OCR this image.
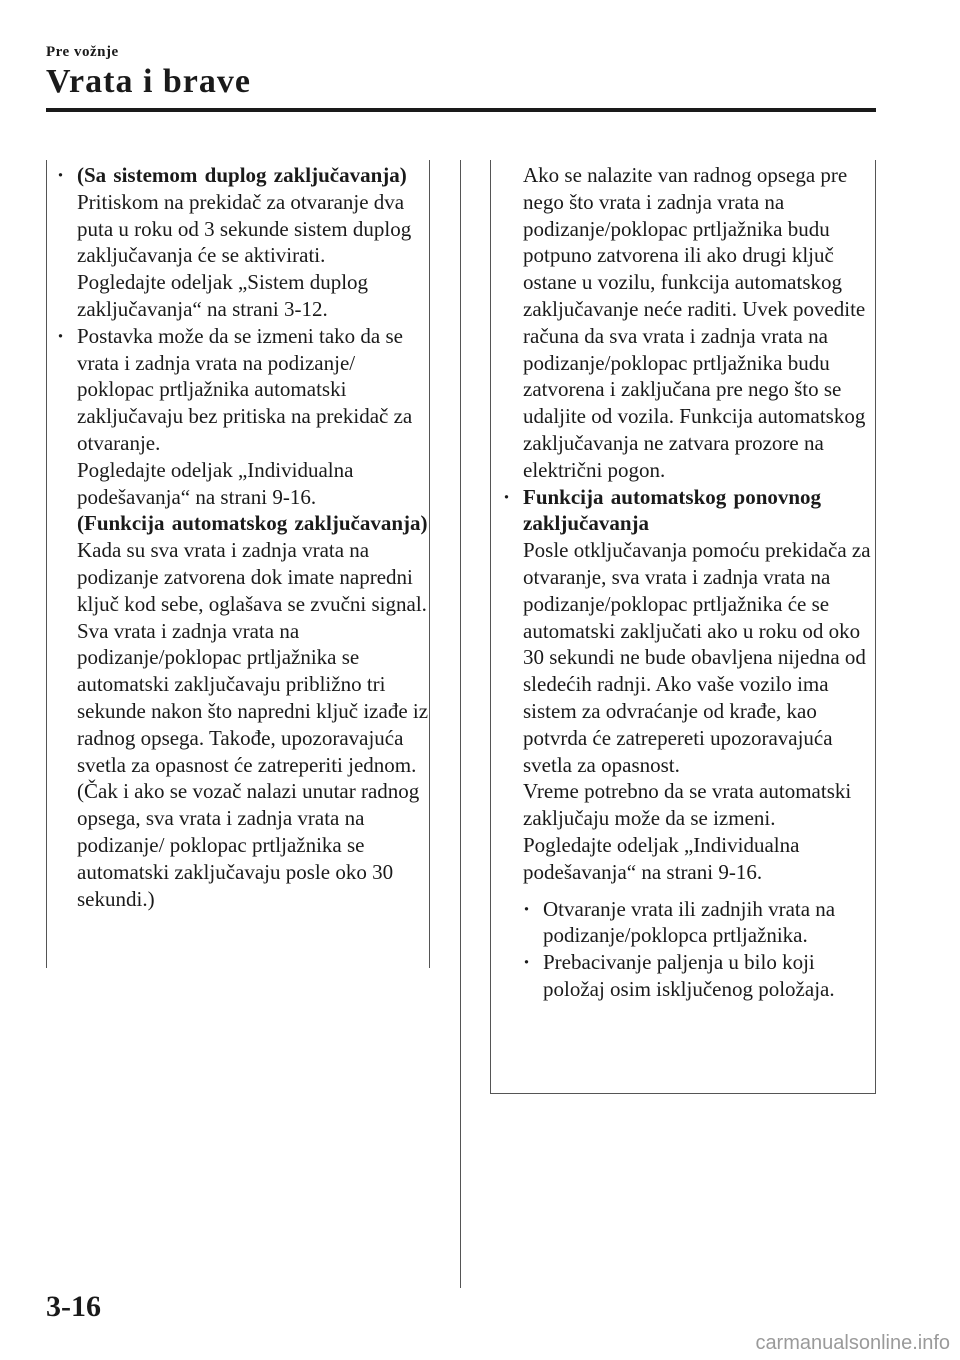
Pre vožnje
Vrata i brave
· (Sa sistemom duplog zaključavanja)

Pritiskom na prekidač za otvaranje dva puta u roku od 3 sekunde sistem duplog zaključavanja će se aktivirati.

Pogledajte odeljak „Sistem duplog zaključavanja“ na strani 3-12.

· Postavka može da se izmeni tako da se vrata i zadnja vrata na podizanje/ poklopac prtljažnika automatski zaključavaju bez pritiska na prekidač za otvaranje.

Pogledajte odeljak „Individualna podešavanja“ na strani 9-16.

(Funkcija automatskog zaključavanja)

Kada su sva vrata i zadnja vrata na podizanje zatvorena dok imate napredni ključ kod sebe, oglašava se zvučni signal. Sva vrata i zadnja vrata na podizanje/poklopac prtljažnika se automatski zaključavaju približno tri sekunde nakon što napredni ključ izađe iz radnog opsega. Takođe, upozoravajuća svetla za opasnost će zatreperiti jednom. (Čak i ako se vozač nalazi unutar radnog opsega, sva vrata i zadnja vrata na podizanje/ poklopac prtljažnika se automatski zaključavaju posle oko 30 sekundi.)

Ako se nalazite van radnog opsega pre nego što vrata i zadnja vrata na podizanje/poklopac prtljažnika budu potpuno zatvorena ili ako drugi ključ ostane u vozilu, funkcija automatskog zaključavanje neće raditi. Uvek povedite računa da sva vrata i zadnja vrata na podizanje/poklopac prtljažnika budu zatvorena i zaključana pre nego što se udaljite od vozila. Funkcija automatskog zaključavanja ne zatvara prozore na električni pogon.

· Funkcija automatskog ponovnog zaključavanja

Posle otključavanja pomoću prekidača za otvaranje, sva vrata i zadnja vrata na podizanje/poklopac prtljažnika će se automatski zaključati ako u roku od oko 30 sekundi ne bude obavljena nijedna od sledećih radnji. Ako vaše vozilo ima sistem za odvraćanje od krađe, kao potvrda će zatrepereti upozoravajuća svetla za opasnost.

Vreme potrebno da se vrata automatski zaključaju može da se izmeni.

Pogledajte odeljak „Individualna podešavanja“ na strani 9-16.

· Otvaranje vrata ili zadnjih vrata na podizanje/poklopca prtljažnika.

· Prebacivanje paljenja u bilo koji položaj osim isključenog položaja.

3-16
carmanualsonline.info
